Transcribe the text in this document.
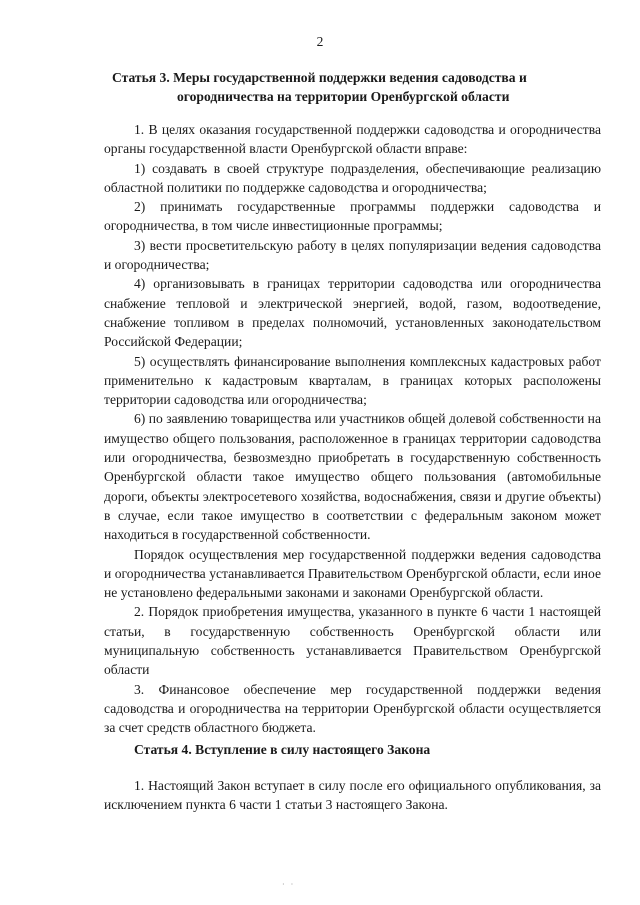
2
Статья 3. Меры государственной поддержки ведения садоводства и
огородничества на территории Оренбургской области

1. В целях оказания государственной поддержки садоводства и огородничества органы государственной власти Оренбургской области вправе:

1) создавать в своей структуре подразделения, обеспечивающие реализацию областной политики по поддержке садоводства и огородничества;

2) принимать государственные программы поддержки садоводства и огородничества, в том числе инвестиционные программы;

3) вести просветительскую работу в целях популяризации ведения садоводства и огородничества;

4) организовывать в границах территории садоводства или огородничества снабжение тепловой и электрической энергией, водой, газом, водоотведение, снабжение топливом в пределах полномочий, установленных законодательством Российской Федерации;

5) осуществлять финансирование выполнения комплексных кадастровых работ применительно к кадастровым кварталам, в границах которых расположены территории садоводства или огородничества;

6) по заявлению товарищества или участников общей долевой собственности на имущество общего пользования, расположенное в границах территории садоводства или огородничества, безвозмездно приобретать в государственную собственность Оренбургской области такое имущество общего пользования (автомобильные дороги, объекты электросетевого хозяйства, водоснабжения, связи и другие объекты) в случае, если такое имущество в соответствии с федеральным законом может находиться в государственной собственности.

Порядок осуществления мер государственной поддержки ведения садоводства и огородничества устанавливается Правительством Оренбургской области, если иное не установлено федеральными законами и законами Оренбургской области.

2. Порядок приобретения имущества, указанного в пункте 6 части 1 настоящей статьи, в государственную собственность Оренбургской области или муниципальную собственность устанавливается Правительством Оренбургской области

3. Финансовое обеспечение мер государственной поддержки ведения садоводства и огородничества на территории Оренбургской области осуществляется за счет средств областного бюджета.

Статья 4. Вступление в силу настоящего Закона

1. Настоящий Закон вступает в силу после его официального опубликования, за исключением пункта 6 части 1 статьи 3 настоящего Закона.

·   ·
